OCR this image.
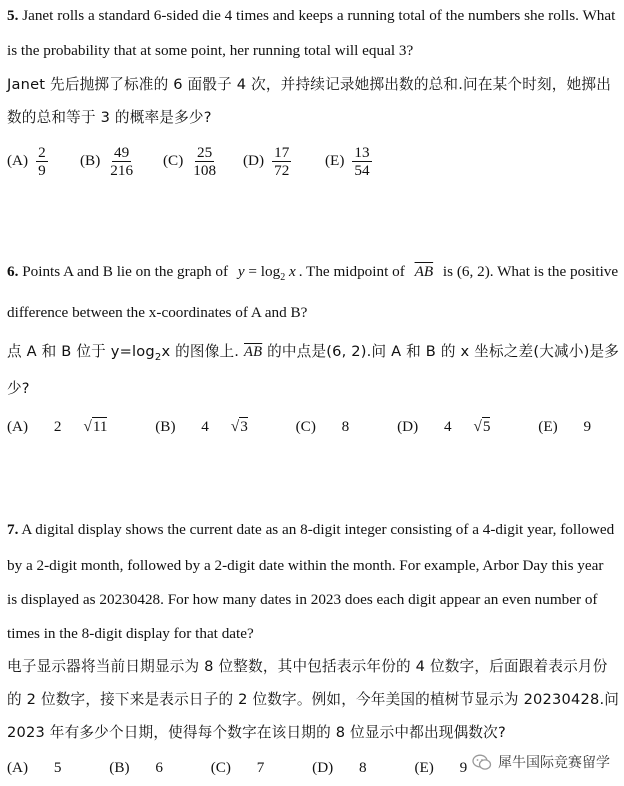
5. Janet rolls a standard 6-sided die 4 times and keeps a running total of the numbers she rolls. What
is the probability that at some point, her running total will equal 3?
Janet 先后抛掷了标准的 6 面骰子 4 次，并持续记录她掷出数的总和.问在某个时刻，她掷出
数的总和等于 3 的概率是多少?
$(A) \frac{2}{9} (B) \frac{49}{216} (C) \frac{25}{108} (D) \frac{17}{72} (E) \frac{13}{54}$
6. Points A and B lie on the graph of $y = \log_2 x$ . The midpoint of $\overline{AB}$ is (6, 2). What is the positive
difference between the x-coordinates of A and B?
点 A 和 B 位于 $y=\log_2x$ 的图像上. $\overline{AB}$ 的中点是(6, 2).问 A 和 B 的 x 坐标之差(大减小)是多
少?
(A) 2 √11	(B) 4 √3	(C) 8	(D) 4 √5	(E) 9
7. A digital display shows the current date as an 8-digit integer consisting of a 4-digit year, followed
by a 2-digit month, followed by a 2-digit date within the month. For example, Arbor Day this year
is displayed as 20230428. For how many dates in 2023 does each digit appear an even number of
times in the 8-digit display for that date?
电子显示器将当前日期显示为 8 位整数，其中包括表示年份的 4 位数字，后面跟着表示月份
的 2 位数字，接下来是表示日子的 2 位数字。例如，今年美国的植树节显示为 20230428.问
2023 年有多少个日期，使得每个数字在该日期的 8 位显示中都出现偶数次?
(A) 5	(B) 6	(C) 7	(D) 8	(E) 9	犀牛国际竞赛留学
